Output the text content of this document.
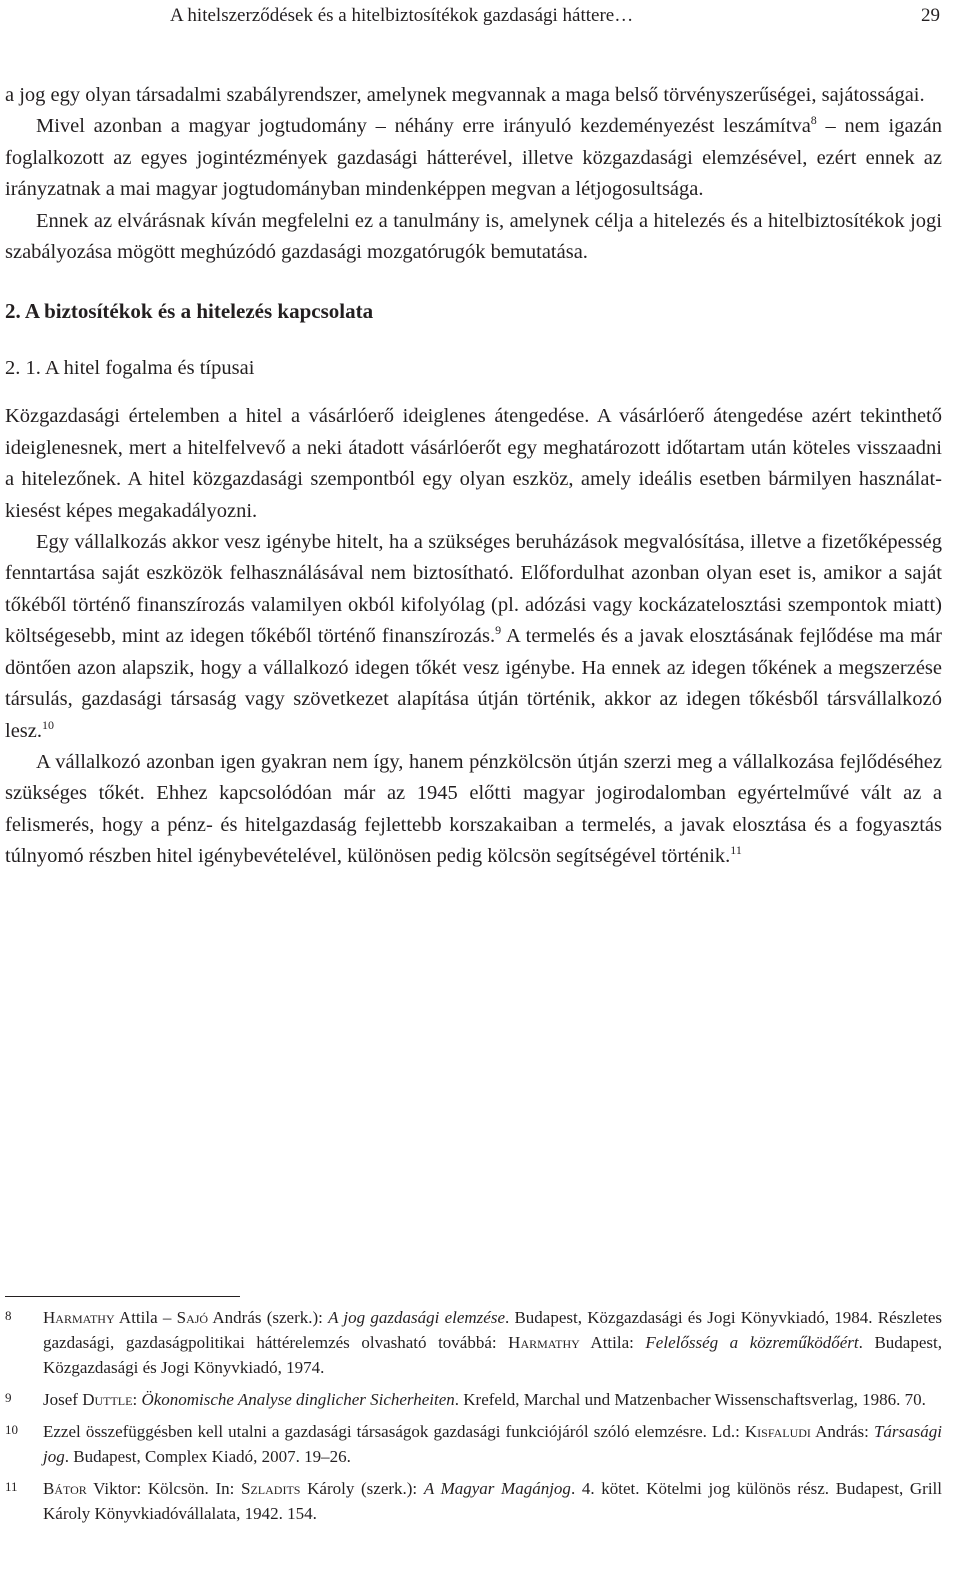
A hitelszerződések és a hitelbiztosítékok gazdasági háttere…	29

a jog egy olyan társadalmi szabályrendszer, amelynek megvannak a maga belső törvényszerűségei, sajátosságai.

Mivel azonban a magyar jogtudomány – néhány erre irányuló kezdeményezést leszámítva$^8$ – nem igazán foglalkozott az egyes jogintézmények gazdasági hátterével, illetve közgazdasági elemzésével, ezért ennek az irányzatnak a mai magyar jogtudományban mindenképpen megvan a létjogosultsága.

Ennek az elvárásnak kíván megfelelni ez a tanulmány is, amelynek célja a hitelezés és a hitelbiztosítékok jogi szabályozása mögött meghúzódó gazdasági mozgatórugók bemutatása.

2. A biztosítékok és a hitelezés kapcsolata
2. 1. A hitel fogalma és típusai

Közgazdasági értelemben a hitel a vásárlóerő ideiglenes átengedése. A vásárlóerő átengedése azért tekinthető ideiglenesnek, mert a hitelfelvevő a neki átadott vásárlóerőt egy meghatározott időtartam után köteles visszaadni a hitelezőnek. A hitel közgazdasági szempontból egy olyan eszköz, amely ideális esetben bármilyen használat-kiesést képes megakadályozni.

Egy vállalkozás akkor vesz igénybe hitelt, ha a szükséges beruházások megvalósítása, illetve a fizetőképesség fenntartása saját eszközök felhasználásával nem biztosítható. Előfordulhat azonban olyan eset is, amikor a saját tőkéből történő finanszírozás valamilyen okból kifolyólag (pl. adózási vagy kockázatelosztási szempontok miatt) költségesebb, mint az idegen tőkéből történő finanszírozás.$^9$ A termelés és a javak elosztásának fejlődése ma már döntően azon alapszik, hogy a vállalkozó idegen tőkét vesz igénybe. Ha ennek az idegen tőkének a megszerzése társulás, gazdasági társaság vagy szövetkezet alapítása útján történik, akkor az idegen tőkésből társvállalkozó lesz.$^{10}$

A vállalkozó azonban igen gyakran nem így, hanem pénzkölcsön útján szerzi meg a vállalkozása fejlődéséhez szükséges tőkét. Ehhez kapcsolódóan már az 1945 előtti magyar jogirodalomban egyértelművé vált az a felismerés, hogy a pénz- és hitelgazdaság fejlettebb korszakaiban a termelés, a javak elosztása és a fogyasztás túlnyomó részben hitel igénybevételével, különösen pedig kölcsön segítségével történik.$^{11}$

8 Harmathy Attila – Sajó András (szerk.): A jog gazdasági elemzése. Budapest, Közgazdasági és Jogi Könyvkiadó, 1984. Részletes gazdasági, gazdaságpolitikai háttérelemzés olvasható továbbá: Harmathy Attila: Felelősség a közreműködőért. Budapest, Közgazdasági és Jogi Könyvkiadó, 1974.
9 Josef Duttle: Ökonomische Analyse dinglicher Sicherheiten. Krefeld, Marchal und Matzenbacher Wissenschaftsverlag, 1986. 70.
10 Ezzel összefüggésben kell utalni a gazdasági társaságok gazdasági funkciójáról szóló elemzésre. Ld.: Kisfaludi András: Társasági jog. Budapest, Complex Kiadó, 2007. 19–26.
11 Bátor Viktor: Kölcsön. In: Szladits Károly (szerk.): A Magyar Magánjog. 4. kötet. Kötelmi jog különös rész. Budapest, Grill Károly Könyvkiadóvállalata, 1942. 154.
